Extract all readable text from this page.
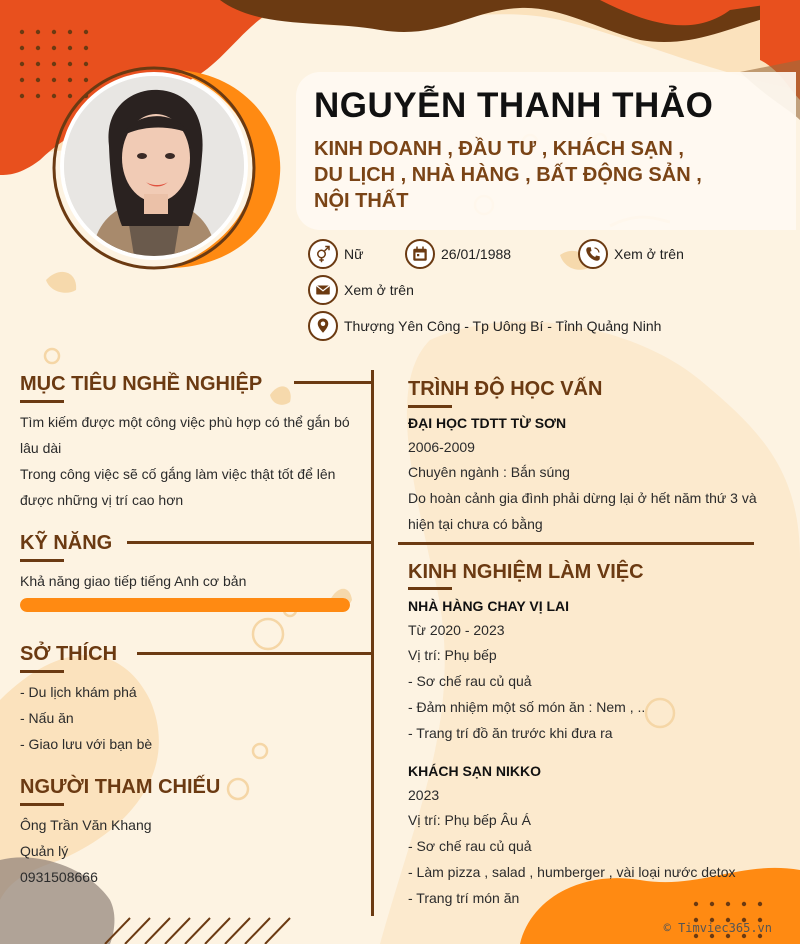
NGUYỄN THANH THẢO
KINH DOANH , ĐẦU TƯ , KHÁCH SẠN , DU LỊCH , NHÀ HÀNG , BẤT ĐỘNG SẢN , NỘI THẤT
Nữ	26/01/1988	Xem ở trên
Xem ở trên
Thượng Yên Công - Tp Uông Bí - Tỉnh Quảng Ninh
MỤC TIÊU NGHỀ NGHIỆP
Tìm kiếm được một công việc phù hợp có thể gắn bó lâu dài
Trong công việc sẽ cố gắng làm việc thật tốt để lên được những vị trí cao hơn
KỸ NĂNG
Khả năng giao tiếp tiếng Anh cơ bản
SỞ THÍCH
- Du lịch khám phá
- Nấu ăn
- Giao lưu với bạn bè
NGƯỜI THAM CHIẾU
Ông Trần Văn Khang
Quản lý
0931508666
TRÌNH ĐỘ HỌC VẤN
ĐẠI HỌC TDTT TỪ SƠN
2006-2009
Chuyên ngành : Bắn súng
Do hoàn cảnh gia đình phải dừng lại ở hết năm thứ 3 và hiện tại chưa có bằng
KINH NGHIỆM LÀM VIỆC
NHÀ HÀNG CHAY VỊ LAI
Từ 2020 - 2023
Vị trí: Phụ bếp
- Sơ chế rau củ quả
- Đảm nhiệm một số món ăn : Nem , ..
- Trang trí đồ ăn trước khi đưa ra
KHÁCH SẠN NIKKO
2023
Vị trí: Phụ bếp Âu Á
- Sơ chế rau củ quả
- Làm pizza , salad , humberger , vài loại nước detox
- Trang trí món ăn
© Timviec365.vn
